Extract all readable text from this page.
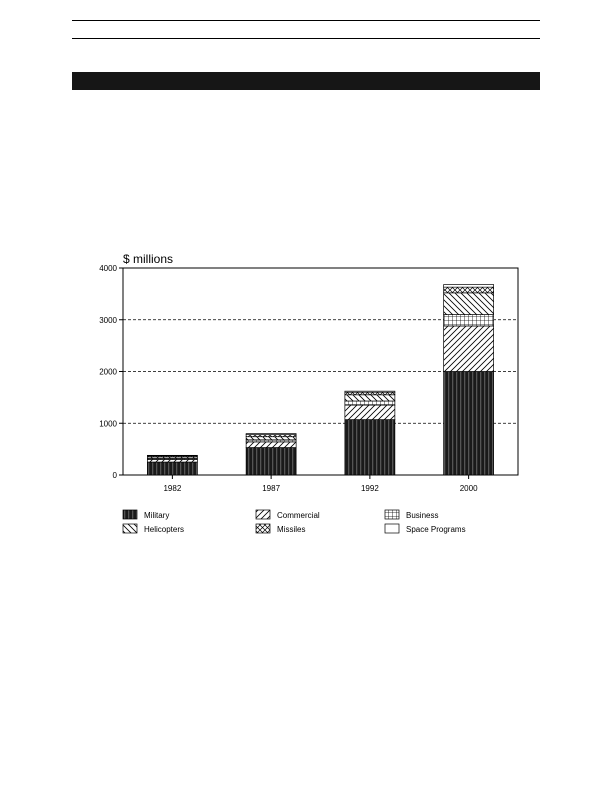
$ millions
0
1000
2000
3000
4000
1982	1987	1992	2000
Military	Commercial	Business
Helicopters	Missiles	Space Programs
